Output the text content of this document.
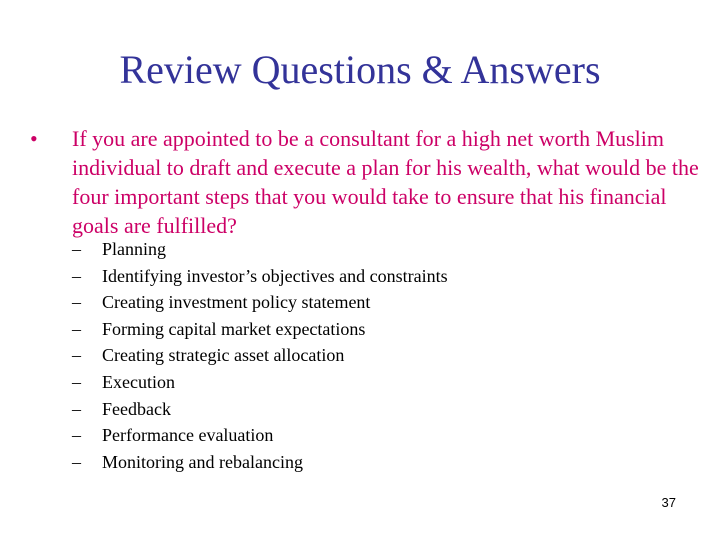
Review Questions & Answers
•	If you are appointed to be a consultant for a high net worth Muslim individual to draft and execute a plan for his wealth, what would be the four important steps that you would take to ensure that his financial goals are fulfilled?
–	Planning
–	Identifying investor’s objectives and constraints
–	Creating investment policy statement
–	Forming capital market expectations
–	Creating strategic asset allocation
–	Execution
–	Feedback
–	Performance evaluation
–	Monitoring and rebalancing
37
